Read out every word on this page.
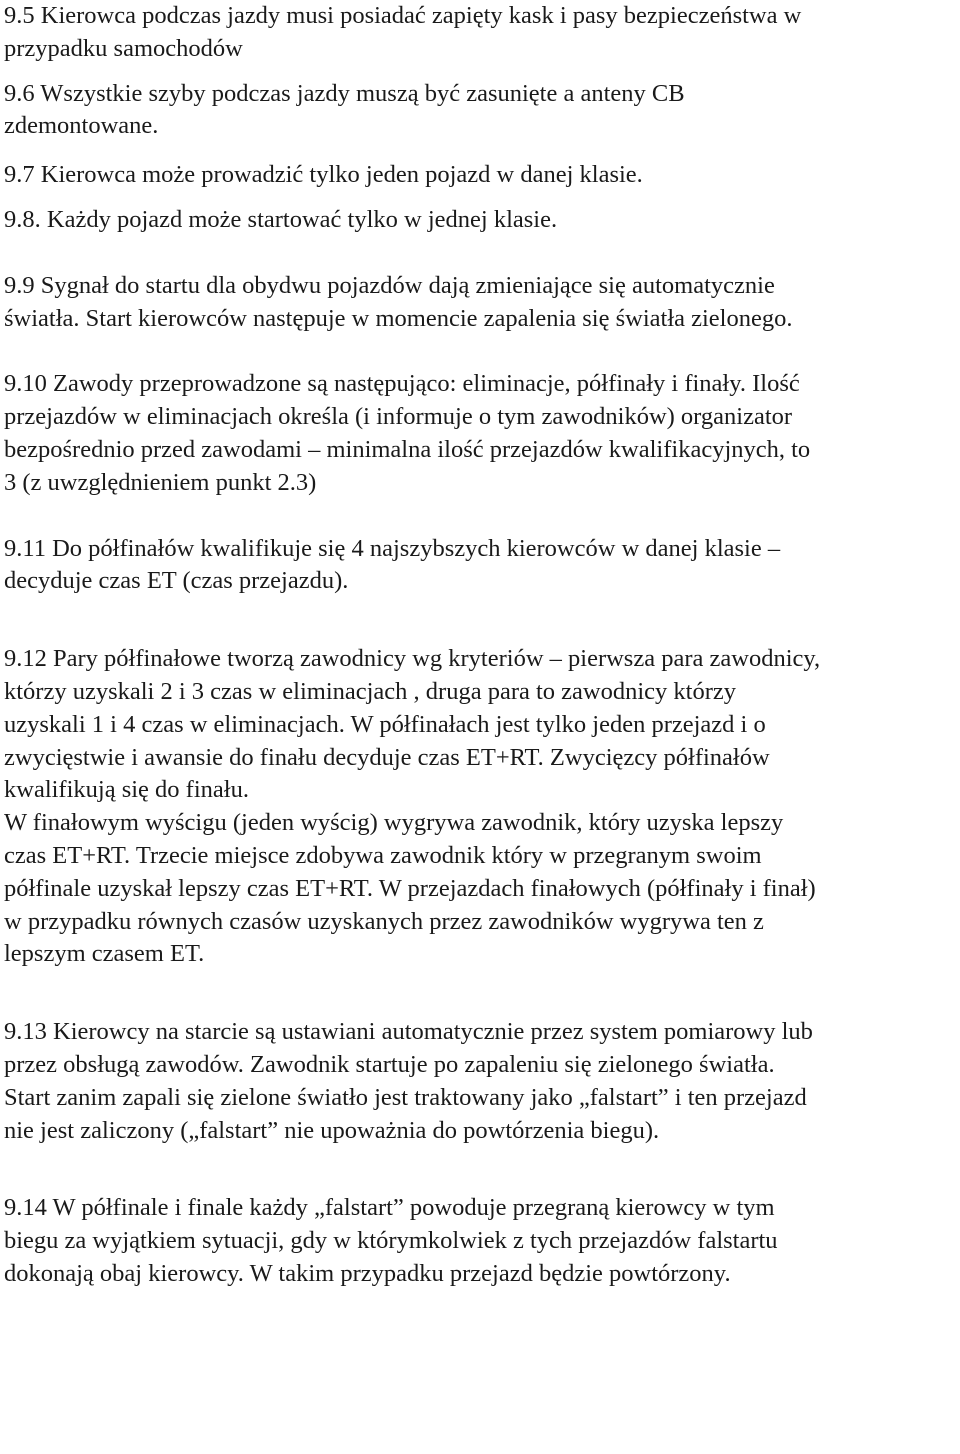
9.5 Kierowca podczas jazdy musi posiadać zapięty kask i pasy bezpieczeństwa w
przypadku samochodów
9.6 Wszystkie szyby podczas jazdy muszą być zasunięte a anteny CB
zdemontowane.
9.7 Kierowca może prowadzić tylko jeden pojazd w danej klasie.
9.8. Każdy pojazd może startować tylko w jednej klasie.
9.9 Sygnał do startu dla obydwu pojazdów dają zmieniające się automatycznie
światła. Start kierowców następuje w momencie zapalenia się światła zielonego.
9.10 Zawody przeprowadzone są następująco: eliminacje, półfinały i finały. Ilość
przejazdów w eliminacjach określa (i informuje o tym zawodników) organizator
bezpośrednio przed zawodami – minimalna ilość przejazdów kwalifikacyjnych, to
3 (z uwzględnieniem punkt 2.3)
9.11 Do półfinałów kwalifikuje się 4 najszybszych kierowców w danej klasie –
decyduje czas ET (czas przejazdu).
9.12 Pary półfinałowe tworzą zawodnicy wg kryteriów – pierwsza para zawodnicy,
którzy uzyskali 2 i 3 czas w eliminacjach , druga para to zawodnicy którzy
uzyskali 1 i 4 czas w eliminacjach. W półfinałach jest tylko jeden przejazd i o
zwycięstwie i awansie do finału decyduje czas ET+RT. Zwycięzcy półfinałów
kwalifikują się do finału.
W finałowym wyścigu (jeden wyścig) wygrywa zawodnik, który uzyska lepszy
czas ET+RT. Trzecie miejsce zdobywa zawodnik który w przegranym swoim
półfinale uzyskał lepszy czas ET+RT. W przejazdach finałowych (półfinały i finał)
w przypadku równych czasów uzyskanych przez zawodników wygrywa ten z
lepszym czasem ET.
9.13 Kierowcy na starcie są ustawiani automatycznie przez system pomiarowy lub
przez obsługą zawodów. Zawodnik startuje po zapaleniu się zielonego światła.
Start zanim zapali się zielone światło jest traktowany jako „falstart” i ten przejazd
nie jest zaliczony („falstart” nie upoważnia do powtórzenia biegu).
9.14 W półfinale i finale każdy „falstart” powoduje przegraną kierowcy w tym
biegu za wyjątkiem sytuacji, gdy w którymkolwiek z tych przejazdów falstartu
dokonają obaj kierowcy. W takim przypadku przejazd będzie powtórzony.
